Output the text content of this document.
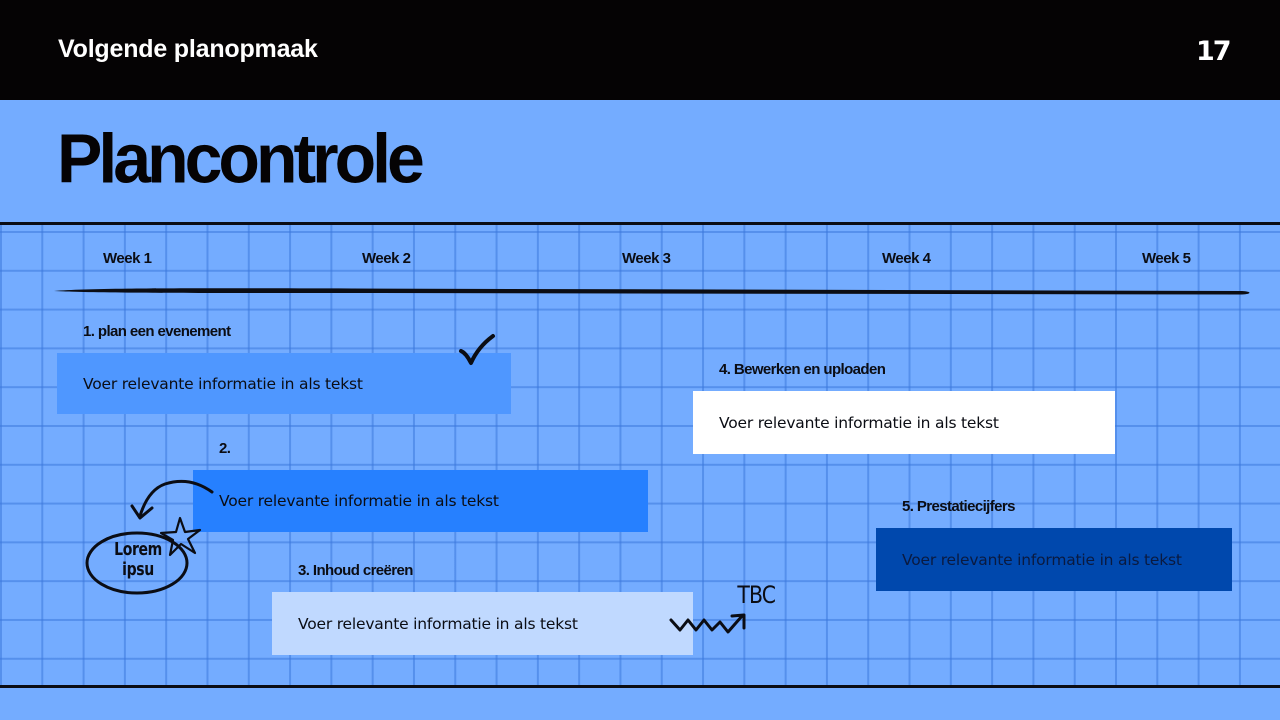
Volgende planopmaak	17
Plancontrole
Week 1	Week 2	Week 3	Week 4	Week 5
1. plan een evenement
Voer relevante informatie in als tekst
2.
Voer relevante informatie in als tekst
Lorem
ipsu	3. Inhoud creëren
Voer relevante informatie in als tekst
TBC
4. Bewerken en uploaden
Voer relevante informatie in als tekst
5. Prestatiecijfers
Voer relevante informatie in als tekst
